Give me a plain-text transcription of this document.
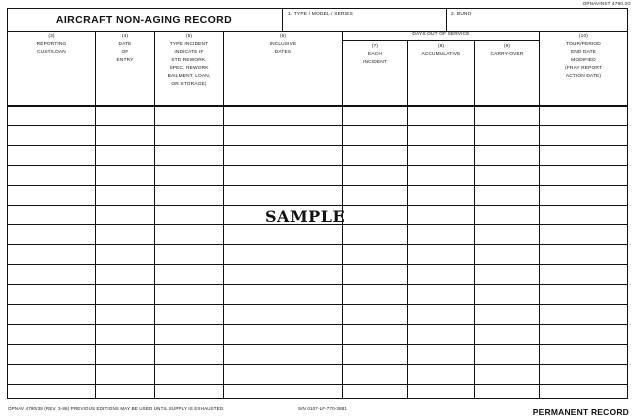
OPNAVINST 4790.2G
AIRCRAFT NON-AGING RECORD	1. TYPE / MODEL / SERIES	2. BUNO
(3)
REPORTING
CUST/LOAN
(4)
DATE
OF
ENTRY
(5)
TYPE INCIDENT
INDICATE IF
STD REWORK,
SPEC. REWORK
BAILMENT, LOAN,
OR STORAGE)
(6)
INCLUSIVE
DATES
DAYS OUT OF SERVICE
(7)
EACH
INCIDENT
(8)
ACCUMULATIVE
(9)
CARRY-OVER
(10)
TOUR/PERIOD
END DATE
MODIFIED
(FRAY REPORT
ACTION DATE)
SAMPLE
OPNAV 4790/38 (REV. 3-86) PREVIOUS EDITIONS MAY BE USED UNTIL SUPPLY IS EXHAUSTED.	S/N 0107-LF-770-3881	PERMANENT RECORD
